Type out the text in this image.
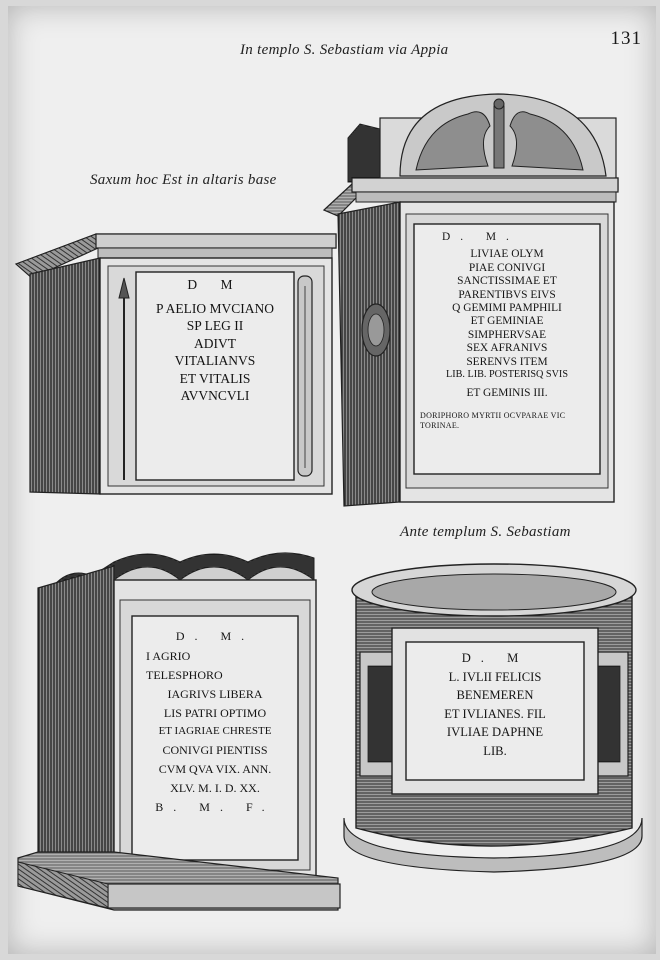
In templo S. Sebastiam via Appia
131
Saxum hoc Est in altaris base
Ante templum S. Sebastiam
D M
P AELIO MVCIANO
SP LEG II
ADIVT
VITALIANVS
ET VITALIS
AVVNCVLI
D. M.
LIVIAE OLYM
PIAE CONIVGI
SANCTISSIMAE ET
PARENTIBVS EIVS
Q GEMIMI PAMPHILI
ET GEMINIAE
SIMPHERVSAE
SEX AFRANIVS
SERENVS ITEM
LIB. LIB. POSTERISQ SVIS
ET GEMINIS III.
DORIPHORO MYRTII OCVPARAE VIC
TORINAE.
D. M.
I AGRIO
TELESPHORO
IAGRIVS LIBERA
LIS PATRI OPTIMO
ET IAGRIAE CHRESTE
CONIVGI PIENTISS
CVM QVA VIX. ANN.
XLV. M. I. D. XX.
B. M. F.
D. M
L. IVLII FELICIS
BENEMEREN
ET IVLIANES. FIL
IVLIAE DAPHNE
LIB.
